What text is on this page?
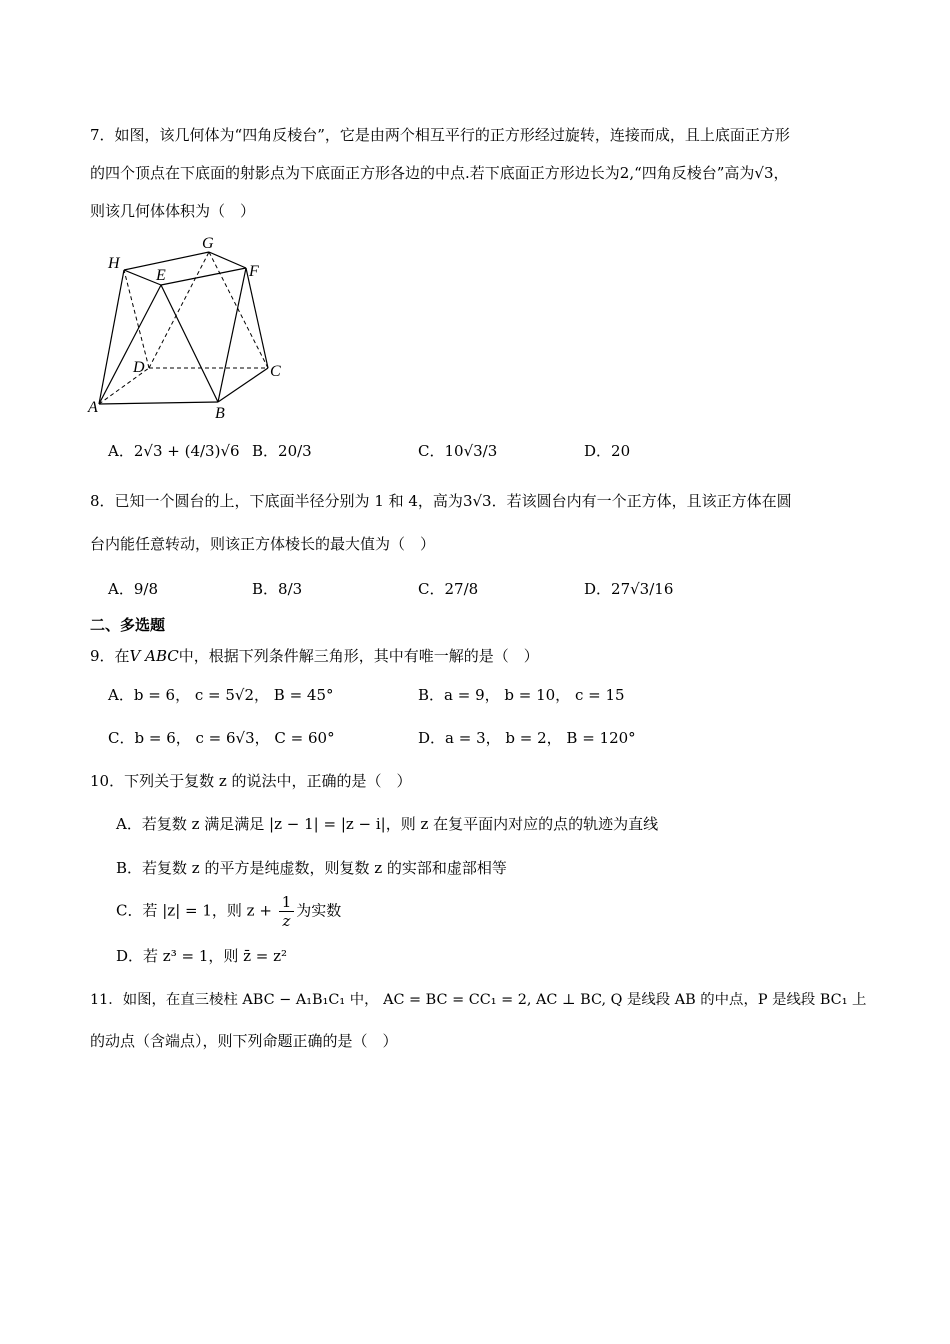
7．如图，该几何体为“四角反棱台”，它是由两个相互平行的正方形经过旋转，连接而成，且上底面正方形
的四个顶点在下底面的射影点为下底面正方形各边的中点.若下底面正方形边长为2,“四角反棱台”高为√3，
则该几何体体积为（　）
H
G
E	F
D	C
A	B
A．2√3 + (4/3)√6 B．20/3	C．10√3/3	D．20
8．已知一个圆台的上，下底面半径分别为 1 和 4，高为3√3．若该圆台内有一个正方体，且该正方体在圆
台内能任意转动，则该正方体棱长的最大值为（　）
A．9/8	B．8/3	C．27/8	D．27√3/16
二、多选题
9．在V ABC中，根据下列条件解三角形，其中有唯一解的是（　）
A．b = 6， c = 5√2， B = 45°	B．a = 9， b = 10， c = 15
C．b = 6， c = 6√3， C = 60°	D．a = 3， b = 2， B = 120°
10．下列关于复数 z 的说法中，正确的是（　）
A．若复数 z 满足满足 |z − 1| = |z − i|，则 z 在复平面内对应的点的轨迹为直线
B．若复数 z 的平方是纯虚数，则复数 z 的实部和虚部相等
C．若 |z| = 1，则 $z + \frac{1}{z}$ 为实数
D．若 z³ = 1，则 z̄ = z²
11．如图，在直三棱柱 ABC − A₁B₁C₁ 中， AC = BC = CC₁ = 2, AC ⊥ BC, Q 是线段 AB 的中点，P 是线段 BC₁ 上
的动点（含端点），则下列命题正确的是（　）
